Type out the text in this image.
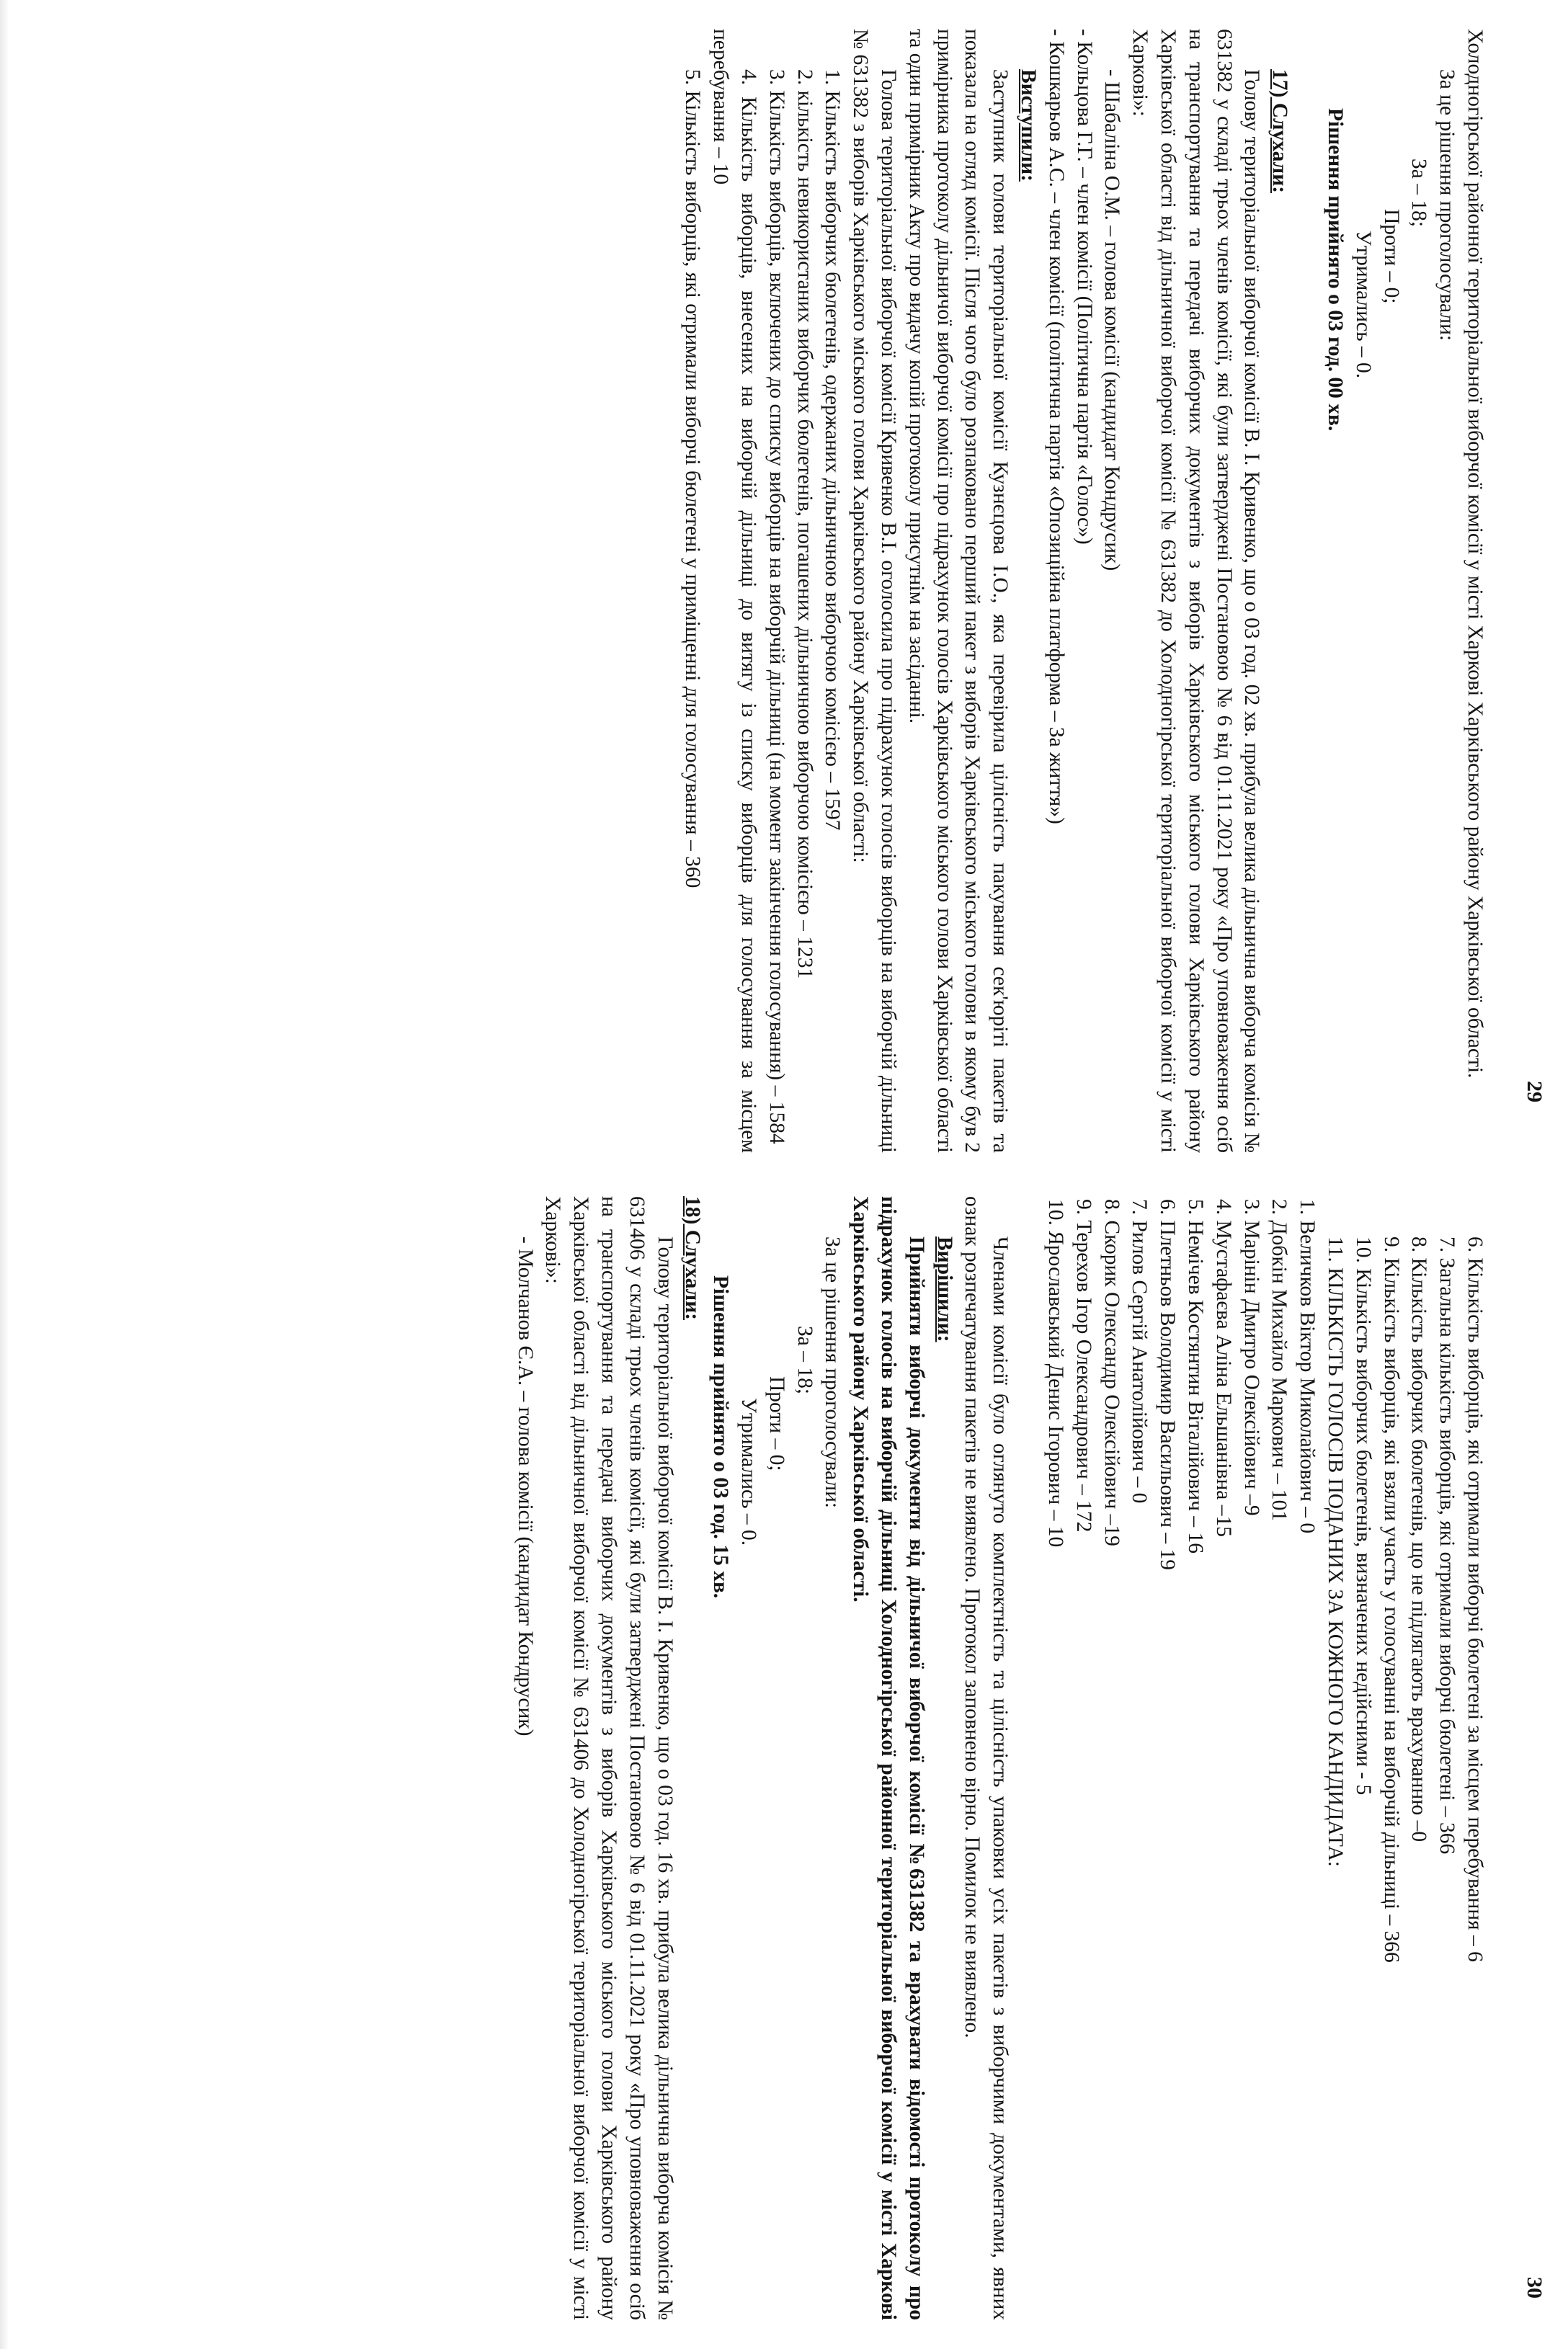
29

Холодногірської районної територіальної виборчої комісії у місті Харкові Харківського району Харківської області.

За це рішення проголосували:

За – 18;

Проти – 0;

Утримались – 0.

Рішення прийнято о 03 год. 00 хв.

17) Слухали:

Голову територіальної виборчої комісії В. І. Кривенко, що о 03 год. 02 хв. прибула велика дільнична виборча комісія № 631382 у складі трьох членів комісії, які були затверджені Постановою № 6 від 01.11.2021 року «Про уповноваження осіб на транспортування та передачі виборчих документів з виборів Харківського міського голови Харківського району Харківської області від дільничної виборчої комісії № 631382 до Холодногірської територіальної виборчої комісії у місті Харкові»:

- Шабаліна О.М. – голова комісії (кандидат Кондрусик)

- Кольцова Г.Г. – член комісії (Політична партія «Голос»)

- Кошкарьов А.С. – член комісії (політична партія «Опозиційна платформа – За життя»)

Виступили:

Заступник голови територіальної комісії Кузнєцова І.О., яка перевірила цілісність пакування сек'юріті пакетів та показала на огляд комісії. Після чого було розпаковано перший пакет з виборів Харківського міського голови в якому був 2 примірника протоколу дільничої виборчої комісії про підрахунок голосів Харківського міського голови Харківської області та один примірник Акту про видачу копій протоколу присутнім на засіданні.

Голова територіальної виборчої комісії Кривенко В.І. оголосила про підрахунок голосів виборців на виборчій дільниці № 631382 з виборів Харківського міського голови Харківського району Харківської області:

1. Кількість виборчих бюлетенів, одержаних дільничною виборчою комісією – 1597

2. кількість невикористаних виборчих бюлетенів, погашених дільничною виборчою комісією – 1231

3. Кількість виборців, включених до списку виборців на виборчій дільниці (на момент закінчення голосування) – 1584

4. Кількість виборців, внесених на виборчій дільниці до витягу із списку виборців для голосування за місцем перебування – 10

5. Кількість виборців, які отримали виборчі бюлетені у приміщенні для голосування – 360

30

6. Кількість виборців, які отримали виборчі бюлетені за місцем перебування – 6

7. Загальна кількість виборців, які отримали виборчі бюлетені – 366

8. Кількість виборчих бюлетенів, що не підлягають врахуванню –0

9. Кількість виборців, які взяли участь у голосуванні на виборчій дільниці – 366

10. Кількість виборчих бюлетенів, визначених недійсними - 5

11. КІЛЬКІСТЬ ГОЛОСІВ ПОДАНИХ ЗА КОЖНОГО КАНДИДАТА:

1. Величков Віктор Миколайович – 0

2. Добкін Михайло Маркович – 101

3. Марінін Дмитро Олексійович –9

4. Мустафаєва Аліна Ельшанівна –15

5. Немічев Костянтин Віталійович – 16

6. Плетньов Володимир Васильович – 19

7. Рилов Сергій Анатолійович – 0

8. Скорик Олександр Олексійович –19

9. Терехов Ігор Олександрович – 172

10. Ярославський Денис Ігорович – 10

Членами комісії було оглянуто комплектність та цілісність упаковки усіх пакетів з виборчими документами, явних ознак розпечатування пакетів не виявлено. Протокол заповнено вірно. Помилок не виявлено.

Вирішили:

Прийняти виборчі документи від дільничої виборчої комісії №631382 та врахувати відомості протоколу про підрахунок голосів на виборчій дільниці Холодногірської районної територіальної виборчої комісії у місті Харкові Харківського району Харківської області.

За це рішення проголосували:

За – 18;

Проти – 0;

Утримались – 0.

Рішення прийнято о 03 год. 15 хв.

18) Слухали:

Голову територіальної виборчої комісії В. І. Кривенко, що о 03 год. 16 хв. прибула велика дільнична виборча комісія № 631406 у складі трьох членів комісії, які були затверджені Постановою № 6 від 01.11.2021 року «Про уповноваження осіб на транспортування та передачі виборчих документів з виборів Харківського міського голови Харківського району Харківської області від дільничної виборчої комісії № 631406 до Холодногірської територіальної виборчої комісії у місті Харкові»:

- Молчанов Є.А. – голова комісії (кандидат Кондрусик)
